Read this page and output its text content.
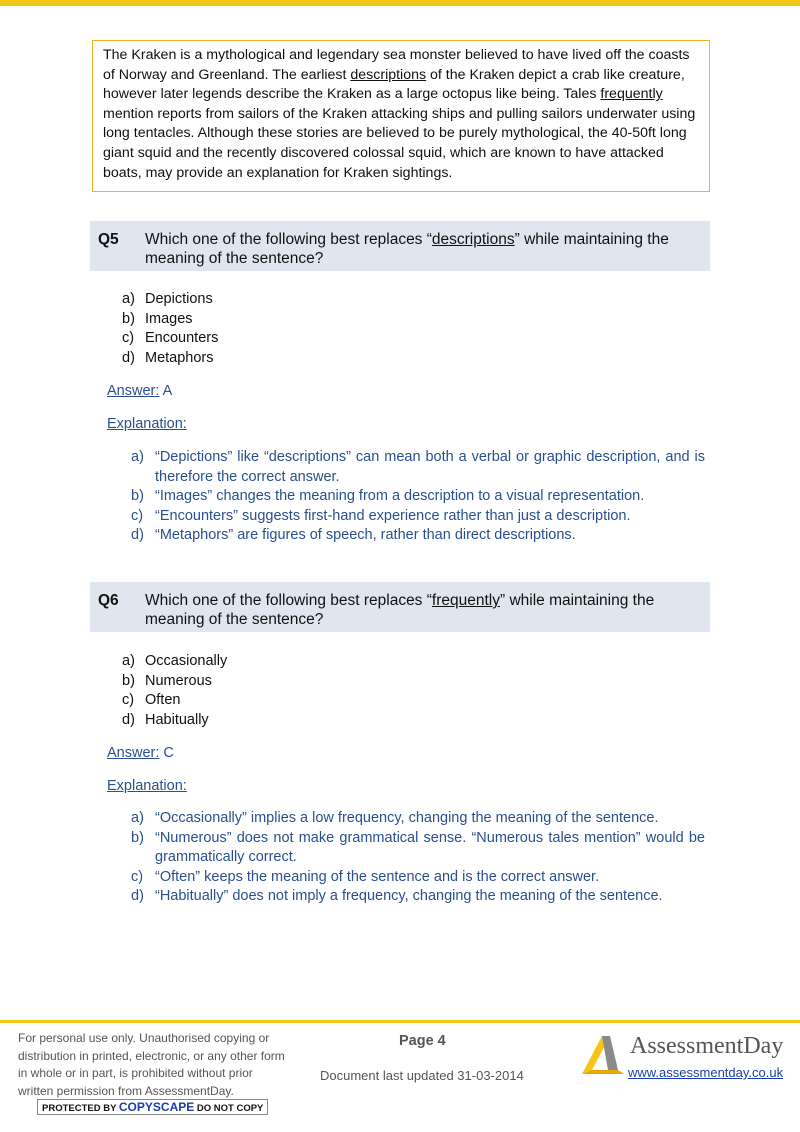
The Kraken is a mythological and legendary sea monster believed to have lived off the coasts of Norway and Greenland. The earliest descriptions of the Kraken depict a crab like creature, however later legends describe the Kraken as a large octopus like being. Tales frequently mention reports from sailors of the Kraken attacking ships and pulling sailors underwater using long tentacles. Although these stories are believed to be purely mythological, the 40-50ft long giant squid and the recently discovered colossal squid, which are known to have attacked boats, may provide an explanation for Kraken sightings.
Q5 Which one of the following best replaces “descriptions” while maintaining the meaning of the sentence?
a) Depictions
b) Images
c) Encounters
d) Metaphors
Answer: A
Explanation:
a) “Depictions” like “descriptions” can mean both a verbal or graphic description, and is therefore the correct answer.
b) “Images” changes the meaning from a description to a visual representation.
c) “Encounters” suggests first-hand experience rather than just a description.
d) “Metaphors” are figures of speech, rather than direct descriptions.
Q6 Which one of the following best replaces “frequently” while maintaining the meaning of the sentence?
a) Occasionally
b) Numerous
c) Often
d) Habitually
Answer: C
Explanation:
a) “Occasionally” implies a low frequency, changing the meaning of the sentence.
b) “Numerous” does not make grammatical sense. “Numerous tales mention” would be grammatically correct.
c) “Often” keeps the meaning of the sentence and is the correct answer.
d) “Habitually” does not imply a frequency, changing the meaning of the sentence.
For personal use only. Unauthorised copying or distribution in printed, electronic, or any other form in whole or in part, is prohibited without prior written permission from AssessmentDay.
PROTECTED BY COPYSCAPE DO NOT COPY
Page 4
Document last updated 31-03-2014
AssessmentDay
www.assessmentday.co.uk
